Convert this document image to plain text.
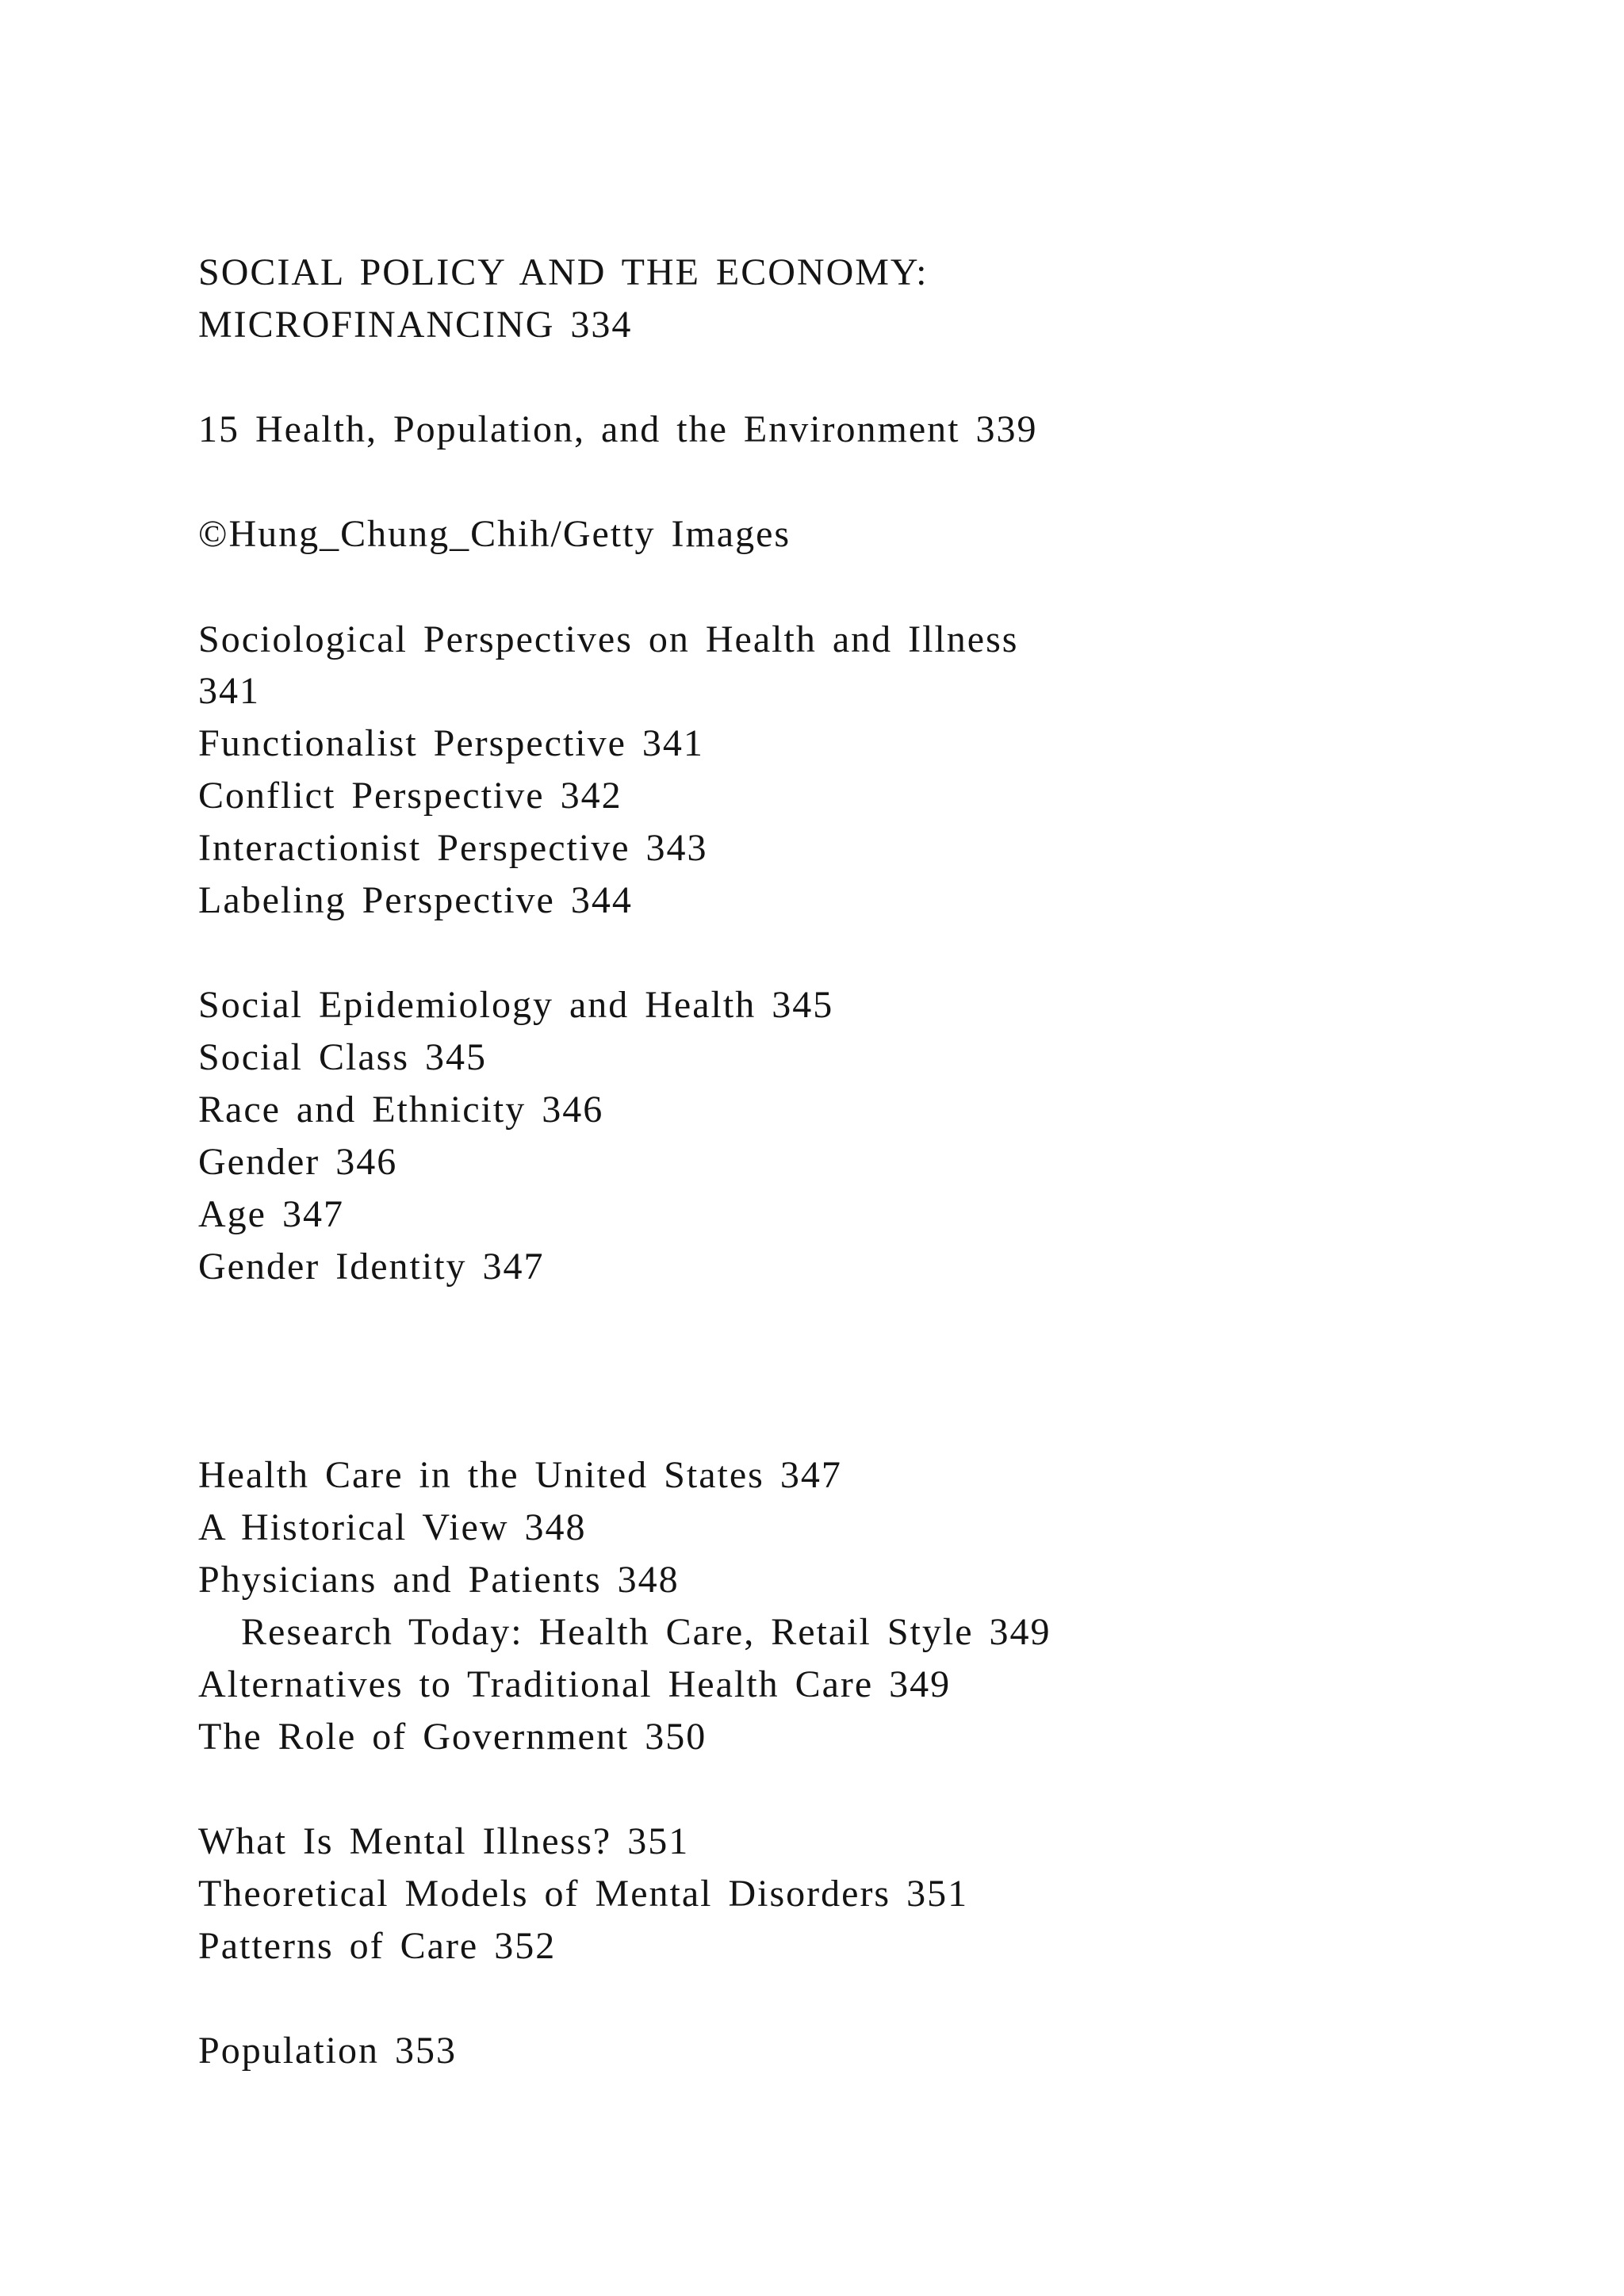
SOCIAL POLICY AND THE ECONOMY:
MICROFINANCING 334
15 Health, Population, and the Environment 339
©Hung_Chung_Chih/Getty Images
Sociological Perspectives on Health and Illness
341
Functionalist Perspective 341
Conflict Perspective 342
Interactionist Perspective 343
Labeling Perspective 344
Social Epidemiology and Health 345
Social Class 345
Race and Ethnicity 346
Gender 346
Age 347
Gender Identity 347
Health Care in the United States 347
A Historical View 348
Physicians and Patients 348
Research Today: Health Care, Retail Style 349
Alternatives to Traditional Health Care 349
The Role of Government 350
What Is Mental Illness? 351
Theoretical Models of Mental Disorders 351
Patterns of Care 352
Population 353
